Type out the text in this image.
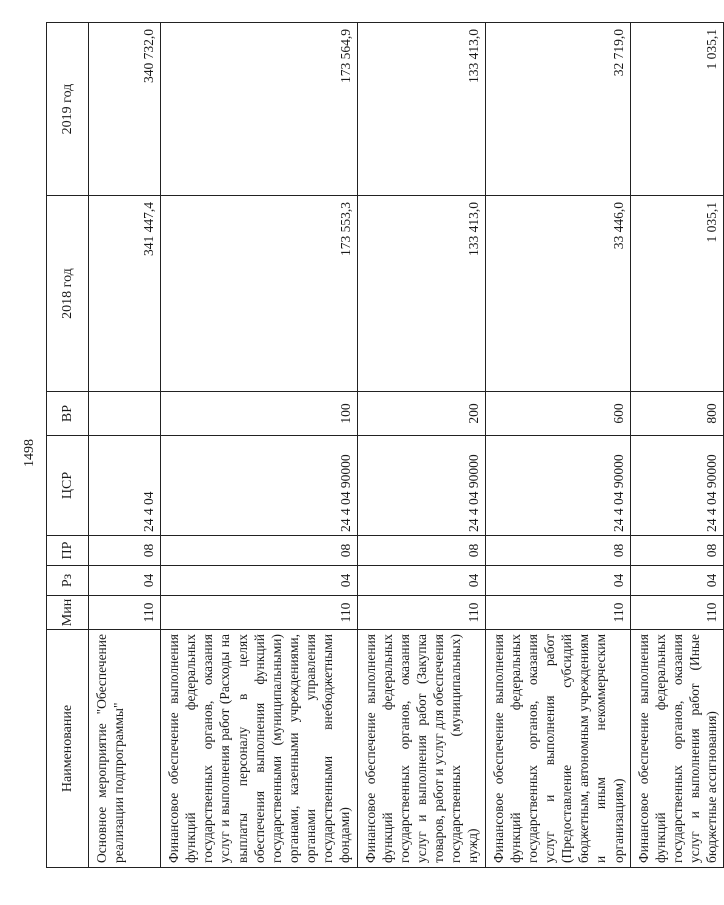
1498
Наименование	Мин	Рз	ПР	ЦСР	ВР	2018 год	2019 год
Основное мероприятие "Обеспечение реализации подпрограммы"	110	04	08	24 4 04		341 447,4	340 732,0
Финансовое обеспечение выполнения функций федеральных государственных органов, оказания услуг и выполнения работ (Расходы на выплаты персоналу в целях обеспечения выполнения функций государственными (муниципальными) органами, казенными учреждениями, органами управления государственными внебюджетными фондами)	110	04	08	24 4 04 90000	100	173 553,3	173 564,9
Финансовое обеспечение выполнения функций федеральных государственных органов, оказания услуг и выполнения работ (Закупка товаров, работ и услуг для обеспечения государственных (муниципальных) нужд)	110	04	08	24 4 04 90000	200	133 413,0	133 413,0
Финансовое обеспечение выполнения функций федеральных государственных органов, оказания услуг и выполнения работ (Предоставление субсидий бюджетным, автономным учреждениям и иным некоммерческим организациям)	110	04	08	24 4 04 90000	600	33 446,0	32 719,0
Финансовое обеспечение выполнения функций федеральных государственных органов, оказания услуг и выполнения работ (Иные бюджетные ассигнования)	110	04	08	24 4 04 90000	800	1 035,1	1 035,1
